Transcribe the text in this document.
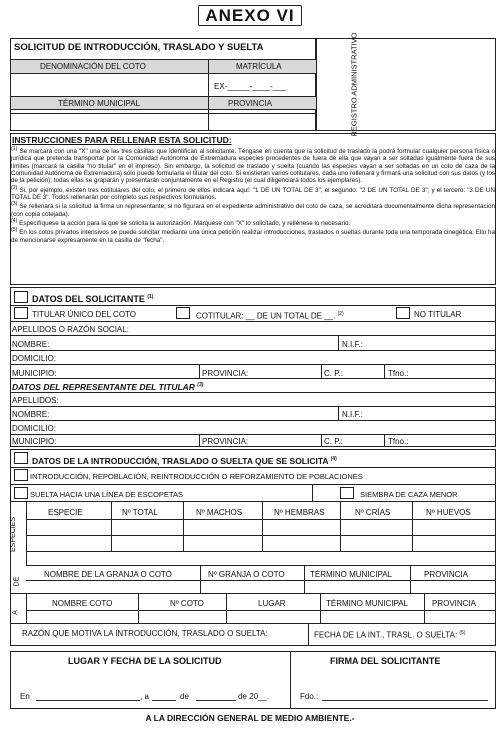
ANEXO VI
SOLICITUD DE INTRODUCCIÓN, TRASLADO Y SUELTA	REGISTRO ADMINISTRATIVO
DENOMINACIÓN DEL COTO	MATRÍCULA
EX-_____-____-___
TÉRMINO MUNICIPAL	PROVINCIA
INSTRUCCIONES PARA RELLENAR ESTA SOLICITUD:
$^{(1)}$ Se marcará con una "X" una de las tres casillas que identifican al solicitante. Téngase en cuenta que la solicitud de traslado la podrá formular cualquier persona física o jurídica que pretenda transportar por la Comunidad Autónoma de Extremadura especies procedentes de fuera de ella que vayan a ser soltadas igualmente fuera de sus límites (marcará la casilla "no titular" en el impreso). Sin embargo, la solicitud de traslado y suelta (cuando las especies vayan a ser soltadas en un coto de caza de la Comunidad Autónoma de Extremadura) sólo puede formularla el titular del coto. Si existieran varios cotitulares, cada uno rellenará y firmará una solicitud con sus datos (y los de la petición); todas ellas se graparán y presentarán conjuntamente en el Registro (el cual diligenciará todos los ejemplares).
$^{(2)}$ Si, por ejemplo, existen tres cotitulares del coto, el primero de ellos indicará aquí: "1 DE UN TOTAL DE 3"; el segundo: "2 DE UN TOTAL DE 3"; y el tercero: "3 DE UN TOTAL DE 3". Todos rellenarán por completo sus respectivos formularios.
$^{(3)}$ Se rellenará si la solicitud la firma un representante; si no figurara en el expediente administrativo del coto de caza, se acreditará documentalmente dicha representación (con copia cotejada).
$^{(4)}$ Especifíquese la acción para la que se solicita la autorización. Márquese con "X" lo solicitado, y rellénese lo necesario.
$^{(5)}$ En los cotos privados intensivos se puede solicitar mediante una única petición realizar introducciones, traslados o sueltas durante toda una temporada cinegética. Ello ha de mencionarse expresamente en la casilla de "fecha".
DATOS DEL SOLICITANTE $^{(1)}$
TITULAR ÚNICO DEL COTO	COTITULAR: __ DE UN TOTAL DE __. $^{(2)}$	NO TITULAR
APELLIDOS O RAZÓN SOCIAL:
NOMBRE:	N.I.F.:
DOMICILIO:
MUNICIPIO:	PROVINCIA:	C. P.:	Tfno.:
DATOS DEL REPRESENTANTE DEL TITULAR $^{(3)}$
APELLIDOS:
NOMBRE:	N.I.F.:
DOMICILIO:
MUNICIPIO:	PROVINCIA:	C. P.:	Tfno.:
DATOS DE LA INTRODUCCIÓN, TRASLADO O SUELTA QUE SE SOLICITA $^{(4)}$
INTRODUCCIÓN, REPOBLACIÓN, REINTRODUCCIÓN O REFORZAMIENTO DE POBLACIONES
SUELTA HACIA UNA LÍNEA DE ESCOPETAS	SIEMBRA DE CAZA MENOR
ESPECIES
ESPECIE	Nº TOTAL	Nº MACHOS	Nº HEMBRAS	Nº CRÍAS	Nº HUEVOS
DE
NOMBRE DE LA GRANJA O COTO	Nº GRANJA O COTO	TÉRMINO MUNICIPAL	PROVINCIA
A
NOMBRE COTO	Nº COTO	LUGAR	TÉRMINO MUNICIPAL	PROVINCIA
RAZÓN QUE MOTIVA LA INTRODUCCIÓN, TRASLADO O SUELTA:	FECHA DE LA INT., TRASL. O SUELTA: $^{(5)}$
LUGAR Y FECHA DE LA SOLICITUD	FIRMA DEL SOLICITANTE
En	, a	de	de 20__.	Fdo.:
A LA DIRECCIÓN GENERAL DE MEDIO AMBIENTE.-
